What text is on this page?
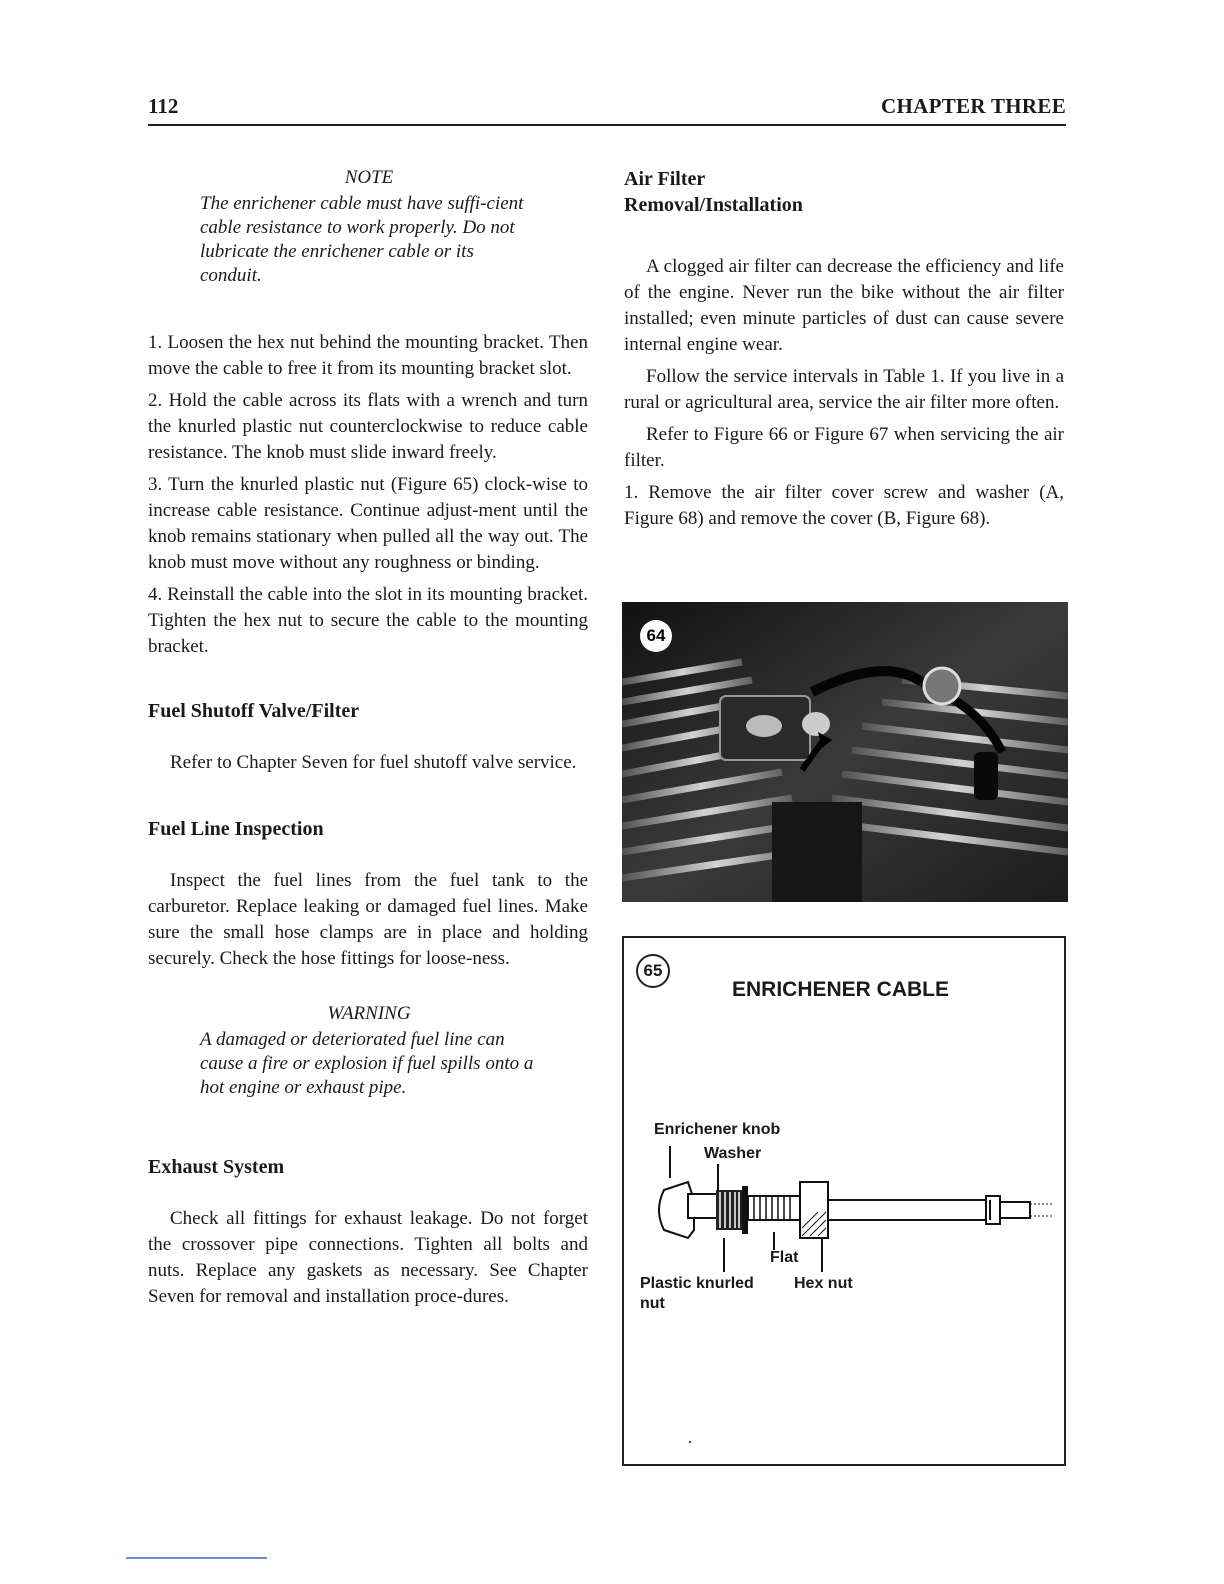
112	CHAPTER THREE
NOTE
The enrichener cable must have suffi-cient cable resistance to work properly. Do not lubricate the enrichener cable or its conduit.

1. Loosen the hex nut behind the mounting bracket. Then move the cable to free it from its mounting bracket slot.

2. Hold the cable across its flats with a wrench and turn the knurled plastic nut counterclockwise to reduce cable resistance. The knob must slide inward freely.

3. Turn the knurled plastic nut (Figure 65) clock-wise to increase cable resistance. Continue adjust-ment until the knob remains stationary when pulled all the way out. The knob must move without any roughness or binding.

4. Reinstall the cable into the slot in its mounting bracket. Tighten the hex nut to secure the cable to the mounting bracket.

Fuel Shutoff Valve/Filter

Refer to Chapter Seven for fuel shutoff valve service.

Fuel Line Inspection

Inspect the fuel lines from the fuel tank to the carburetor. Replace leaking or damaged fuel lines. Make sure the small hose clamps are in place and holding securely. Check the hose fittings for loose-ness.

WARNING
A damaged or deteriorated fuel line can cause a fire or explosion if fuel spills onto a hot engine or exhaust pipe.
Exhaust System

Check all fittings for exhaust leakage. Do not forget the crossover pipe connections. Tighten all bolts and nuts. Replace any gaskets as necessary. See Chapter Seven for removal and installation proce-dures.

Air Filter
Removal/Installation

A clogged air filter can decrease the efficiency and life of the engine. Never run the bike without the air filter installed; even minute particles of dust can cause severe internal engine wear.

Follow the service intervals in Table 1. If you live in a rural or agricultural area, service the air filter more often.

Refer to Figure 66 or Figure 67 when servicing the air filter.

1. Remove the air filter cover screw and washer (A, Figure 68) and remove the cover (B, Figure 68).

64
65
ENRICHENER CABLE
Enrichener knob
Washer
Flat
Plastic knurled nut
Hex nut
